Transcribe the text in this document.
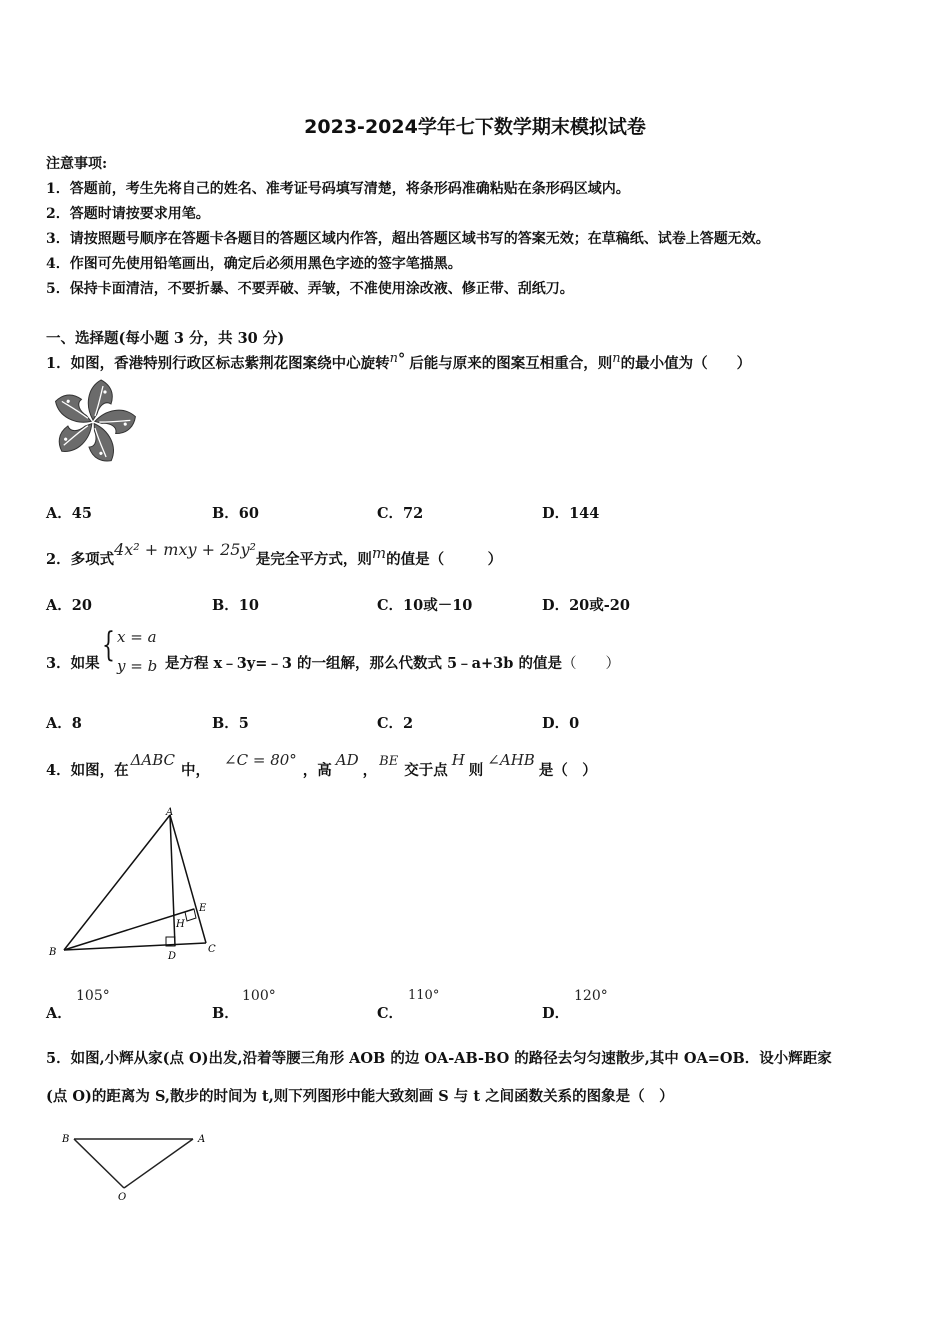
2023-2024学年七下数学期末模拟试卷
注意事项:
1．答题前，考生先将自己的姓名、准考证号码填写清楚，将条形码准确粘贴在条形码区域内。
2．答题时请按要求用笔。
3．请按照题号顺序在答题卡各题目的答题区域内作答，超出答题区域书写的答案无效；在草稿纸、试卷上答题无效。
4．作图可先使用铅笔画出，确定后必须用黑色字迹的签字笔描黑。
5．保持卡面清洁，不要折暴、不要弄破、弄皱，不准使用涂改液、修正带、刮纸刀。
一、选择题(每小题 3 分，共 30 分)
1．如图，香港特别行政区标志紫荆花图案绕中心旋转n° 后能与原来的图案互相重合，则n的最小值为（　　）
A．45	B．60	C．72	D．144
2．多项式4x² + mxy + 25y²是完全平方式，则m的值是（　　　）
A．20	B．10	C．10或－10	D．20或-20
3．如果 { x = a
y = b 是方程 x﹣3y=﹣3 的一组解，那么代数式 5﹣a+3b 的值是（　　）
A．8	B．5	C．2	D．0
4．如图，在ΔABC中，∠C = 80°，高AD，BE交于点H则∠AHB是（　）
A
B	C
D
E
H
A．
105°
B．
100°
C．
110°
D．
120°
5．如图,小辉从家(点 O)出发,沿着等腰三角形 AOB 的边 OA-AB-BO 的路径去匀匀速散步,其中 OA=OB．设小辉距家
(点 O)的距离为 S,散步的时间为 t,则下列图形中能大致刻画 S 与 t 之间函数关系的图象是（　）
B	A
O
